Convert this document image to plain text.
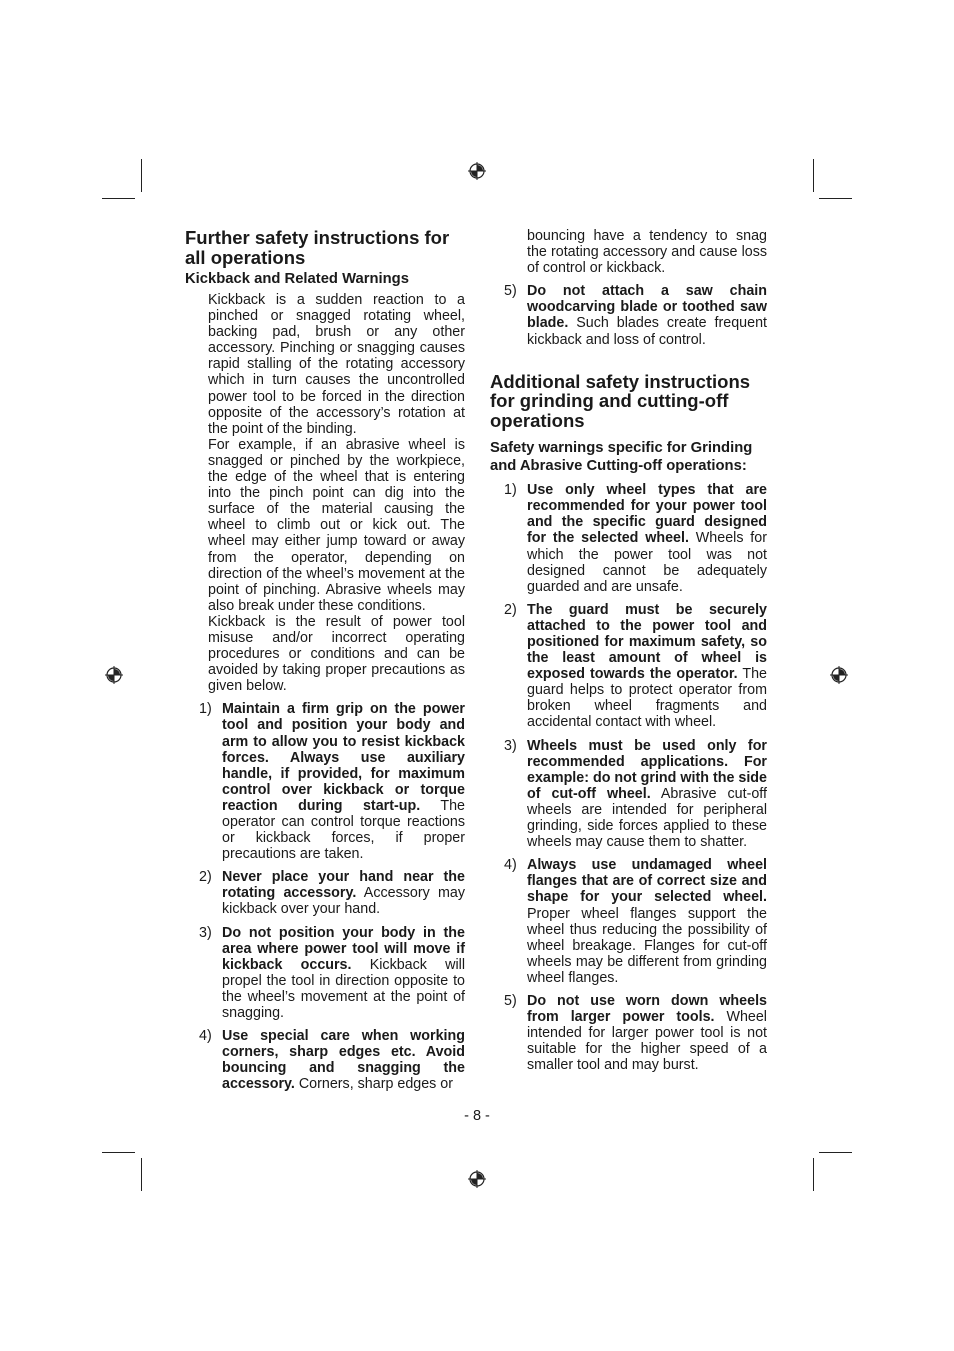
Further safety instructions for all operations
Kickback and Related Warnings

Kickback is a sudden reaction to a pinched or snagged rotating wheel, backing pad, brush or any other accessory. Pinching or snagging causes rapid stalling of the rotating accessory which in turn causes the uncontrolled power tool to be forced in the direction opposite of the accessory’s rotation at the point of the binding.

For example, if an abrasive wheel is snagged or pinched by the workpiece, the edge of the wheel that is entering into the pinch point can dig into the surface of the material causing the wheel to climb out or kick out. The wheel may either jump toward or away from the operator, depending on direction of the wheel’s movement at the point of pinching. Abrasive wheels may also break under these conditions.

Kickback is the result of power tool misuse and/or incorrect operating procedures or conditions and can be avoided by taking proper precautions as given below.

1) Maintain a firm grip on the power tool and position your body and arm to allow you to resist kickback forces. Always use auxiliary handle, if provided, for maximum control over kickback or torque reaction during start-up. The operator can control torque reactions or kickback forces, if proper precautions are taken.
2) Never place your hand near the rotating accessory. Accessory may kickback over your hand.
3) Do not position your body in the area where power tool will move if kickback occurs. Kickback will propel the tool in direction opposite to the wheel’s movement at the point of snagging.
4) Use special care when working corners, sharp edges etc. Avoid bouncing and snagging the accessory. Corners, sharp edges or

bouncing have a tendency to snag the rotating accessory and cause loss of control or kickback.

5) Do not attach a saw chain woodcarving blade or toothed saw blade. Such blades create frequent kickback and loss of control.
Additional safety instructions for grinding and cutting-off operations
Safety warnings specific for Grinding and Abrasive Cutting-off operations:
1) Use only wheel types that are recommended for your power tool and the specific guard designed for the selected wheel. Wheels for which the power tool was not designed cannot be adequately guarded and are unsafe.
2) The guard must be securely attached to the power tool and positioned for maximum safety, so the least amount of wheel is exposed towards the operator. The guard helps to protect operator from broken wheel fragments and accidental contact with wheel.
3) Wheels must be used only for recommended applications. For example: do not grind with the side of cut-off wheel. Abrasive cut-off wheels are intended for peripheral grinding, side forces applied to these wheels may cause them to shatter.
4) Always use undamaged wheel flanges that are of correct size and shape for your selected wheel. Proper wheel flanges support the wheel thus reducing the possibility of wheel breakage. Flanges for cut-off wheels may be different from grinding wheel flanges.
5) Do not use worn down wheels from larger power tools. Wheel intended for larger power tool is not suitable for the higher speed of a smaller tool and may burst.
- 8 -
